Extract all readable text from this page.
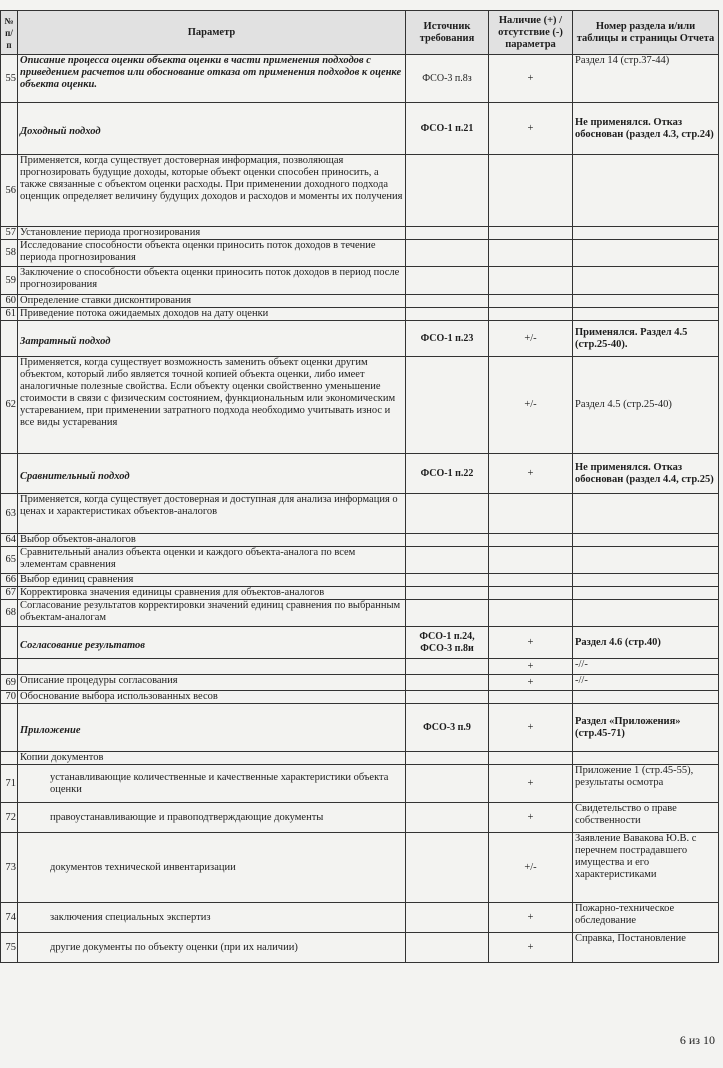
№ п/п	Параметр	Источник требования	Наличие (+) / отсутствие (-) параметра	Номер раздела и/или таблицы и страницы Отчета
55	Описание процесса оценки объекта оценки в части применения подходов с приведением расчетов или обоснование отказа от применения подходов к оценке объекта оценки.	ФСО-3 п.8з	+	Раздел 14 (стр.37-44)
	Доходный подход	ФСО-1 п.21	+	Не применялся. Отказ обоснован (раздел 4.3, стр.24)
56	Применяется, когда существует достоверная информация, позволяющая прогнозировать будущие доходы, которые объект оценки способен приносить, а также связанные с объектом оценки расходы. При применении доходного подхода оценщик определяет величину будущих доходов и расходов и моменты их получения			
57	Установление периода прогнозирования			
58	Исследование способности объекта оценки приносить поток доходов в течение периода прогнозирования			
59	Заключение о способности объекта оценки приносить поток доходов в период после прогнозирования			
60	Определение ставки дисконтирования			
61	Приведение потока ожидаемых доходов на дату оценки			
	Затратный подход	ФСО-1 п.23	+/-	Применялся. Раздел 4.5 (стр.25-40).
62	Применяется, когда существует возможность заменить объект оценки другим объектом, который либо является точной копией объекта оценки, либо имеет аналогичные полезные свойства. Если объекту оценки свойственно уменьшение стоимости в связи с физическим состоянием, функциональным или экономическим устареванием, при применении затратного подхода необходимо учитывать износ и все виды устаревания		+/-	Раздел 4.5 (стр.25-40)
	Сравнительный подход	ФСО-1 п.22	+	Не применялся. Отказ обоснован (раздел 4.4, стр.25)
63	Применяется, когда существует достоверная и доступная для анализа информация о ценах и характеристиках объектов-аналогов			
64	Выбор объектов-аналогов			
65	Сравнительный анализ объекта оценки и каждого объекта-аналога по всем элементам сравнения			
66	Выбор единиц сравнения			
67	Корректировка значения единицы сравнения для объектов-аналогов			
68	Согласование результатов корректировки значений единиц сравнения по выбранным объектам-аналогам			
	Согласование результатов	ФСО-1 п.24, ФСО-3 п.8и	+	Раздел 4.6 (стр.40)
			+	-//-
69	Описание процедуры согласования		+	-//-
70	Обоснование выбора использованных весов			
	Приложение	ФСО-3 п.9	+	Раздел «Приложения» (стр.45-71)
	Копии документов			
71	устанавливающие количественные и качественные характеристики объекта оценки		+	Приложение 1 (стр.45-55), результаты осмотра
72	правоустанавливающие и правоподтверждающие документы		+	Свидетельство о праве собственности
73	документов технической инвентаризации		+/-	Заявление Вавакова Ю.В. с перечнем пострадавшего имущества и его характеристиками
74	заключения специальных экспертиз		+	Пожарно-техническое обследование
75	другие документы по объекту оценки (при их наличии)		+	Справка, Постановление
6 из 10
